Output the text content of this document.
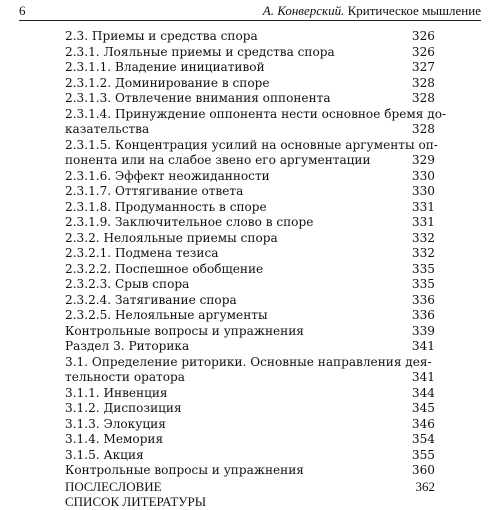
6	А. Конверский. Критическое мышление
2.3. Приемы и средства спора	326
2.3.1. Лояльные приемы и средства спора	326
2.3.1.1. Владение инициативой	327
2.3.1.2. Доминирование в споре	328
2.3.1.3. Отвлечение внимания оппонента	328
2.3.1.4. Принуждение оппонента нести основное бремя до-
казательства	328
2.3.1.5. Концентрация усилий на основные аргументы оп-
понента или на слабое звено его аргументации	329
2.3.1.6. Эффект неожиданности	330
2.3.1.7. Оттягивание ответа	330
2.3.1.8. Продуманность в споре	331
2.3.1.9. Заключительное слово в споре	331
2.3.2. Нелояльные приемы спора	332
2.3.2.1. Подмена тезиса	332
2.3.2.2. Поспешное обобщение	335
2.3.2.3. Срыв спора	335
2.3.2.4. Затягивание спора	336
2.3.2.5. Нелояльные аргументы	336
Контрольные вопросы и упражнения	339
Раздел 3. Риторика	341
3.1. Определение риторики. Основные направления дея-
тельности оратора	341
3.1.1. Инвенция	344
3.1.2. Диспозиция	345
3.1.3. Элокуция	346
3.1.4. Мемория	354
3.1.5. Акция	355
Контрольные вопросы и упражнения	360
ПОСЛЕСЛОВИЕ	362
СПИСОК ЛИТЕРАТУРЫ
